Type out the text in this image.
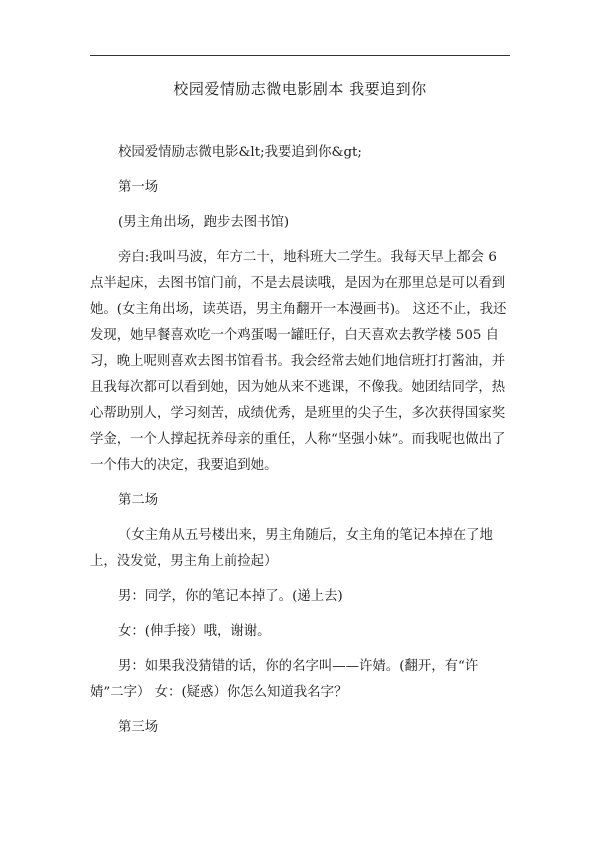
校园爱情励志微电影剧本 我要追到你

校园爱情励志微电影&lt;我要追到你&gt;

第一场

(男主角出场，跑步去图书馆)

旁白:我叫马波，年方二十，地科班大二学生。我每天早上都会 6 点半起床，去图书馆门前，不是去晨读哦，是因为在那里总是可以看到她。(女主角出场，读英语，男主角翻开一本漫画书)。 这还不止，我还发现，她早餐喜欢吃一个鸡蛋喝一罐旺仔，白天喜欢去教学楼 505 自习，晚上呢则喜欢去图书馆看书。我会经常去她们地信班打打酱油，并且我每次都可以看到她，因为她从来不逃课，不像我。她团结同学，热心帮助别人，学习刻苦，成绩优秀，是班里的尖子生，多次获得国家奖学金，一个人撑起抚养母亲的重任，人称“坚强小妹”。而我呢也做出了一个伟大的决定，我要追到她。

第二场

（女主角从五号楼出来，男主角随后，女主角的笔记本掉在了地上，没发觉，男主角上前捡起）

男：同学，你的笔记本掉了。(递上去)

女：(伸手接）哦，谢谢。

男：如果我没猜错的话，你的名字叫——许婧。(翻开，有“许婧”二字） 女：(疑惑）你怎么知道我名字？

第三场
